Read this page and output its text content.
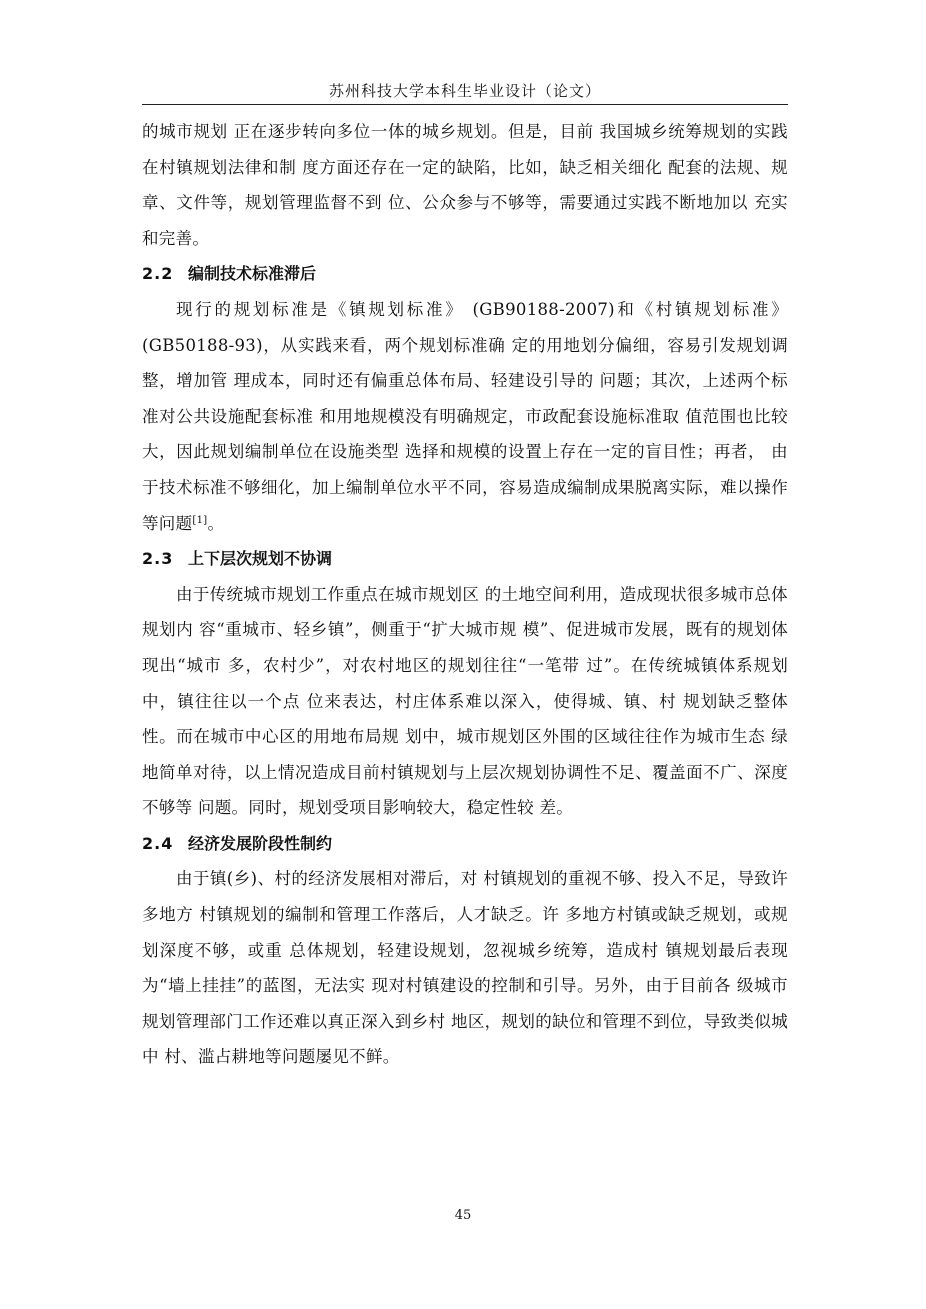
苏州科技大学本科生毕业设计（论文）

的城市规划 正在逐步转向多位一体的城乡规划。但是，目前 我国城乡统筹规划的实践在村镇规划法律和制 度方面还存在一定的缺陷，比如，缺乏相关细化 配套的法规、规章、文件等，规划管理监督不到 位、公众参与不够等，需要通过实践不断地加以 充实和完善。

2.2 编制技术标准滞后

现行的规划标准是《镇规划标准》 (GB90188-2007)和《村镇规划标准》(GB50188-93)，从实践来看，两个规划标准确 定的用地划分偏细，容易引发规划调整，增加管 理成本，同时还有偏重总体布局、轻建设引导的 问题；其次，上述两个标准对公共设施配套标准 和用地规模没有明确规定，市政配套设施标准取 值范围也比较大，因此规划编制单位在设施类型 选择和规模的设置上存在一定的盲目性；再者， 由于技术标准不够细化，加上编制单位水平不同，容易造成编制成果脱离实际，难以操作等问题[1]。

2.3 上下层次规划不协调

由于传统城市规划工作重点在城市规划区 的土地空间利用，造成现状很多城市总体规划内 容“重城市、轻乡镇”，侧重于“扩大城市规 模”、促进城市发展，既有的规划体现出“城市 多，农村少”，对农村地区的规划往往“一笔带 过”。在传统城镇体系规划中，镇往往以一个点 位来表达，村庄体系难以深入，使得城、镇、村 规划缺乏整体性。而在城市中心区的用地布局规 划中，城市规划区外围的区域往往作为城市生态 绿地简单对待，以上情况造成目前村镇规划与上层次规划协调性不足、覆盖面不广、深度不够等 问题。同时，规划受项目影响较大，稳定性较 差。

2.4 经济发展阶段性制约

由于镇(乡)、村的经济发展相对滞后，对 村镇规划的重视不够、投入不足，导致许多地方 村镇规划的编制和管理工作落后，人才缺乏。许 多地方村镇或缺乏规划，或规划深度不够，或重 总体规划，轻建设规划，忽视城乡统筹，造成村 镇规划最后表现为“墙上挂挂”的蓝图，无法实 现对村镇建设的控制和引导。另外，由于目前各 级城市规划管理部门工作还难以真正深入到乡村 地区，规划的缺位和管理不到位，导致类似城中 村、滥占耕地等问题屡见不鲜。

45
